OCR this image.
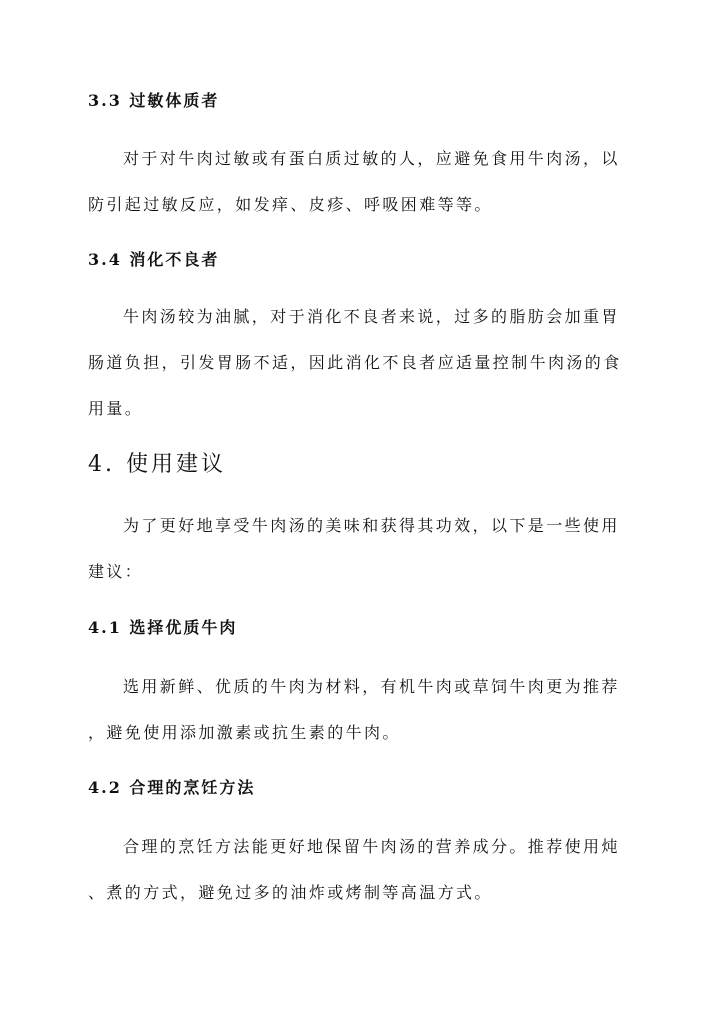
3.3 过敏体质者
对于对牛肉过敏或有蛋白质过敏的人，应避免食用牛肉汤，以
防引起过敏反应，如发痒、皮疹、呼吸困难等等。
3.4 消化不良者
牛肉汤较为油腻，对于消化不良者来说，过多的脂肪会加重胃
肠道负担，引发胃肠不适，因此消化不良者应适量控制牛肉汤的食
用量。
4. 使用建议
为了更好地享受牛肉汤的美味和获得其功效，以下是一些使用
建议：
4.1 选择优质牛肉
选用新鲜、优质的牛肉为材料，有机牛肉或草饲牛肉更为推荐
，避免使用添加激素或抗生素的牛肉。
4.2 合理的烹饪方法
合理的烹饪方法能更好地保留牛肉汤的营养成分。推荐使用炖
、煮的方式，避免过多的油炸或烤制等高温方式。
